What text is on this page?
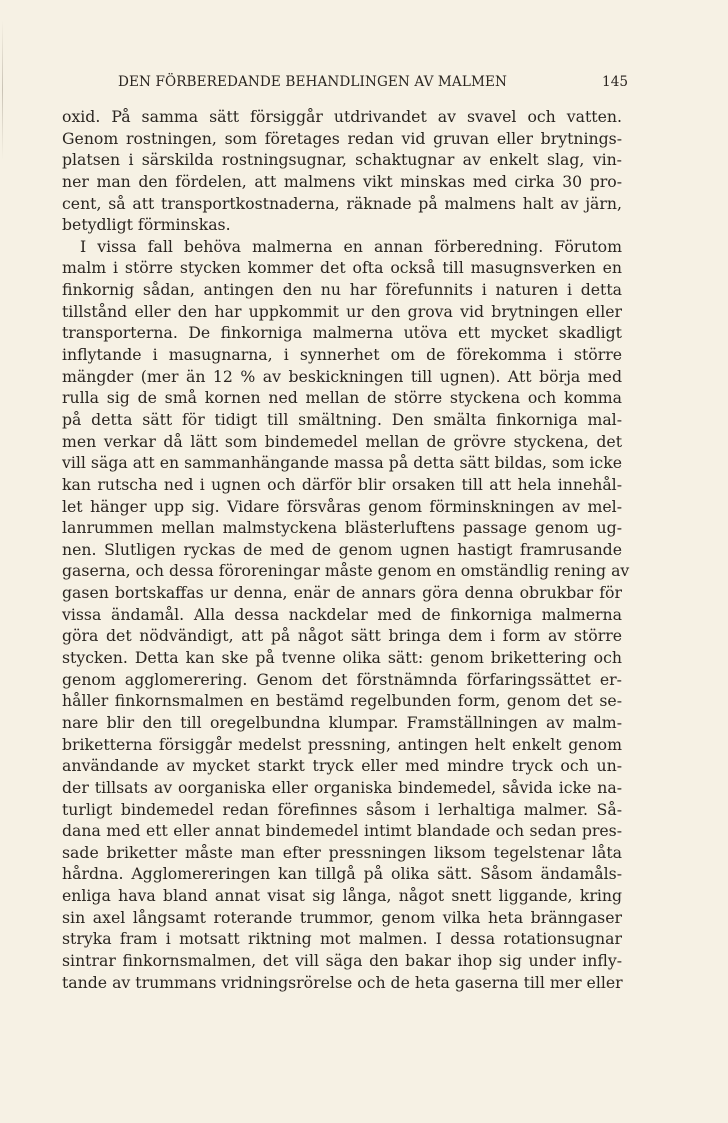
DEN FÖRBEREDANDE BEHANDLINGEN AV MALMEN	145
oxid. På samma sätt försiggår utdrivandet av svavel och vatten.
Genom rostningen, som företages redan vid gruvan eller brytnings-
platsen i särskilda rostningsugnar, schaktugnar av enkelt slag, vin-
ner man den fördelen, att malmens vikt minskas med cirka 30 pro-
cent, så att transportkostnaderna, räknade på malmens halt av järn,
betydligt förminskas.
I vissa fall behöva malmerna en annan förberedning. Förutom
malm i större stycken kommer det ofta också till masugnsverken en
finkornig sådan, antingen den nu har förefunnits i naturen i detta
tillstånd eller den har uppkommit ur den grova vid brytningen eller
transporterna. De finkorniga malmerna utöva ett mycket skadligt
inflytande i masugnarna, i synnerhet om de förekomma i större
mängder (mer än 12 % av beskickningen till ugnen). Att börja med
rulla sig de små kornen ned mellan de större styckena och komma
på detta sätt för tidigt till smältning. Den smälta finkorniga mal-
men verkar då lätt som bindemedel mellan de grövre styckena, det
vill säga att en sammanhängande massa på detta sätt bildas, som icke
kan rutscha ned i ugnen och därför blir orsaken till att hela innehål-
let hänger upp sig. Vidare försvåras genom förminskningen av mel-
lanrummen mellan malmstyckena blästerluftens passage genom ug-
nen. Slutligen ryckas de med de genom ugnen hastigt framrusande
gaserna, och dessa föroreningar måste genom en omständlig rening av
gasen bortskaffas ur denna, enär de annars göra denna obrukbar för
vissa ändamål. Alla dessa nackdelar med de finkorniga malmerna
göra det nödvändigt, att på något sätt bringa dem i form av större
stycken. Detta kan ske på tvenne olika sätt: genom brikettering och
genom agglomerering. Genom det förstnämnda förfaringssättet er-
håller finkornsmalmen en bestämd regelbunden form, genom det se-
nare blir den till oregelbundna klumpar. Framställningen av malm-
briketterna försiggår medelst pressning, antingen helt enkelt genom
användande av mycket starkt tryck eller med mindre tryck och un-
der tillsats av oorganiska eller organiska bindemedel, såvida icke na-
turligt bindemedel redan förefinnes såsom i lerhaltiga malmer. Så-
dana med ett eller annat bindemedel intimt blandade och sedan pres-
sade briketter måste man efter pressningen liksom tegelstenar låta
hårdna. Agglomereringen kan tillgå på olika sätt. Såsom ändamåls-
enliga hava bland annat visat sig långa, något snett liggande, kring
sin axel långsamt roterande trummor, genom vilka heta bränngaser
stryka fram i motsatt riktning mot malmen. I dessa rotationsugnar
sintrar finkornsmalmen, det vill säga den bakar ihop sig under infly-
tande av trummans vridningsrörelse och de heta gaserna till mer eller
